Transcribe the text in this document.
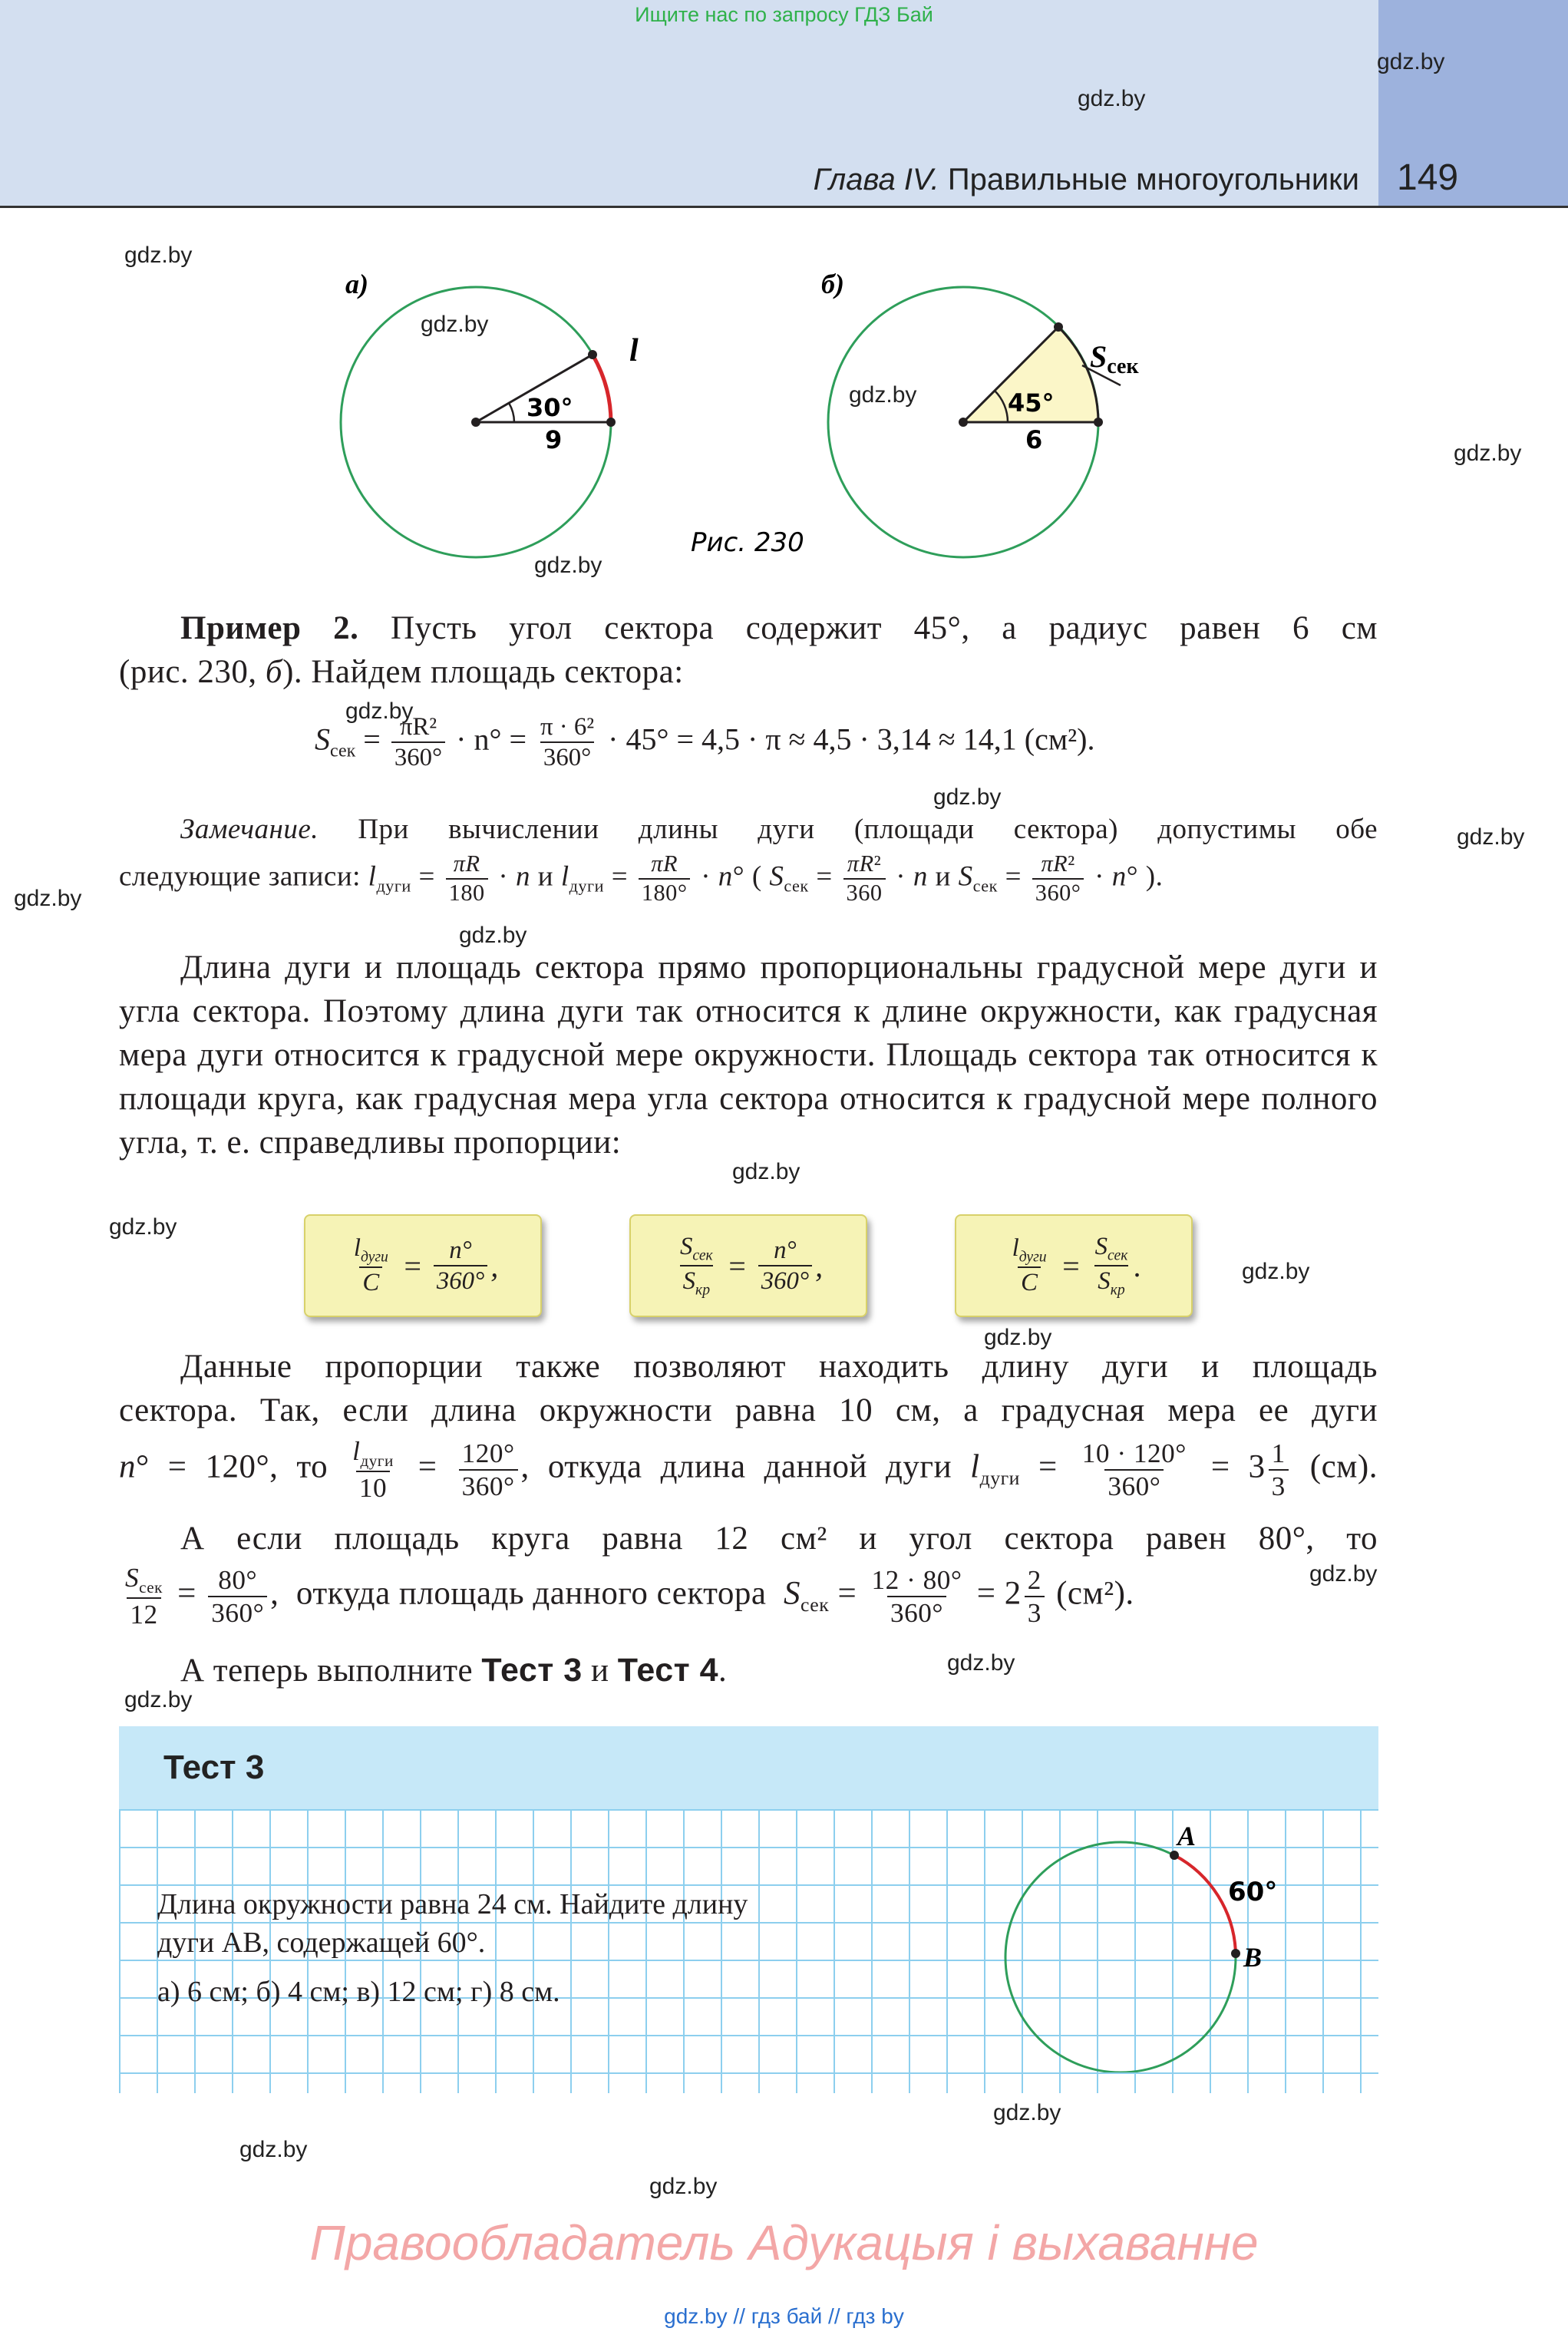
Ищите нас по запросу ГДЗ Бай
Глава IV. Правильные многоугольники 149
gdz.by
gdz.by
gdz.by
gdz.by
gdz.by
gdz.by
gdz.by
gdz.by
gdz.by
gdz.by
gdz.by
gdz.by
gdz.by
gdz.by
gdz.by
gdz.by
gdz.by
gdz.by
gdz.by
gdz.by
gdz.by
gdz.by
а)
30°
9
l
б)
45°
6
$S_{сек}$
Рис. 230
Пример 2. Пусть угол сектора содержит 45°, а радиус равен 6 см
(рис. 230, б). Найдем площадь сектора:
$S_{сек} = \frac{\text{πR²}}{360^\circ} \cdot n^\circ = \frac{\text{π · 6²}}{360^\circ} \cdot 45^\circ = 4,5 \cdot \pi \approx 4,5 \cdot 3,14 \approx 14,1$ (см²).
Замечание. При вычислении длины дуги (площади сектора) допустимы обе
следующие записи: $l_{дуги} = \frac{\pi R}{180} \cdot n$ и $l_{дуги} = \frac{\pi R}{180^\circ} \cdot n^\circ$ ( $S_{сек} = \frac{\text{πR²}}{360} \cdot n$ и $S_{сек} = \frac{\text{πR²}}{360^\circ} \cdot n^\circ$ ).
Длина дуги и площадь сектора прямо пропорциональны градусной мере дуги и угла сектора. Поэтому длина дуги так относится к длине окружности, как градусная мера дуги относится к градусной мере окружности. Площадь сектора так относится к площади круга, как градусная мера угла сектора относится к градусной мере полного угла, т. е. справедливы пропорции:
$\frac{l_{дуги}}{C} = \frac{n^\circ}{360^\circ}$ ,	$\frac{S_{сек}}{S_{кр}} = \frac{n^\circ}{360^\circ}$ ,	$\frac{l_{дуги}}{C} = \frac{S_{сек}}{S_{кр}}$ .
Данные пропорции также позволяют находить длину дуги и площадь
сектора. Так, если длина окружности равна 10 см, а градусная мера ее дуги
n° = 120°, то $\frac{l_{дуги}}{10} = \frac{120^\circ}{360^\circ}$ , откуда длина данной дуги $l_{дуги} = \frac{10 \cdot 120^\circ}{360^\circ} = 3 \frac{1}{3} (см)$.
А если площадь круга равна 12 см² и угол сектора равен 80°, то
$\frac{S_{сек}}{12} = \frac{80^\circ}{360^\circ}$ ,  откуда площадь данного сектора $S_{сек} = \frac{12 \cdot 80^\circ}{360^\circ} = 2 \frac{2}{3} (см^2)$.
А теперь выполните Тест 3 и Тест 4.
Тест 3
Длина окружности равна 24 см. Найдите длину
дуги AB, содержащей 60°.
а) 6 см; б) 4 см; в) 12 см; г) 8 см.
A
B
60°
Правообладатель Адукацыя і выхаванне
gdz.by // гдз бай // гдз by
